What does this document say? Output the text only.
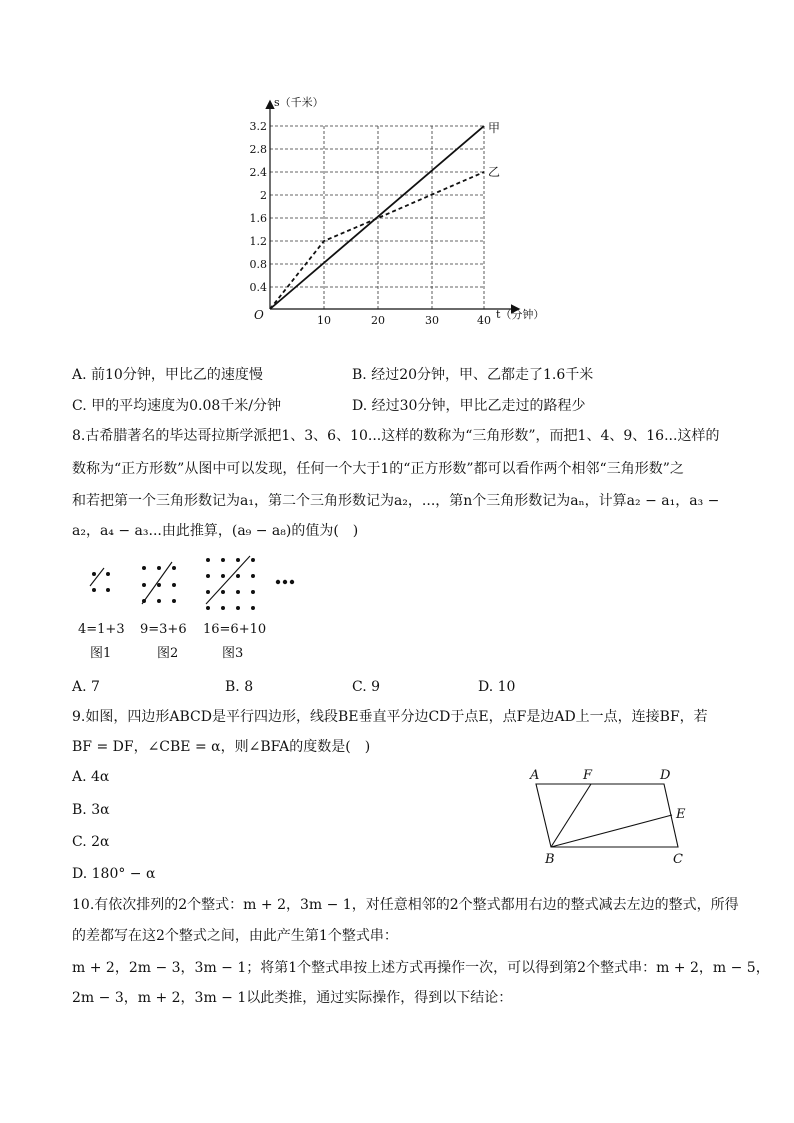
s（千米）
t（分钟）
O
0.4
0.8
1.2
1.6
2
2.4
2.8
3.2
10	20	30	40
甲
乙
A. 前10分钟，甲比乙的速度慢	B. 经过20分钟，甲、乙都走了1.6千米
C. 甲的平均速度为0.08千米/分钟	D. 经过30分钟，甲比乙走过的路程少
8.古希腊著名的毕达哥拉斯学派把1、3、6、10...这样的数称为“三角形数”，而把1、4、9、16...这样的
数称为“正方形数”从图中可以发现，任何一个大于1的“正方形数”都可以看作两个相邻“三角形数”之
和若把第一个三角形数记为a₁，第二个三角形数记为a₂，...，第n个三角形数记为aₙ，计算a₂ − a₁，a₃ −
a₂，a₄ − a₃...由此推算，(a₉ − a₈)的值为(　)
4=1+3 9=3+6 16=6+10
图1	图2	图3
A. 7	B. 8	C. 9	D. 10
9.如图，四边形ABCD是平行四边形，线段BE垂直平分边CD于点E，点F是边AD上一点，连接BF，若
BF = DF，∠CBE = α，则∠BFA的度数是(　)
A. 4α
B. 3α
C. 2α
D. 180° − α
A	F	D
E
B	C
10.有依次排列的2个整式：m + 2，3m − 1，对任意相邻的2个整式都用右边的整式减去左边的整式，所得
的差都写在这2个整式之间，由此产生第1个整式串：
m + 2，2m − 3，3m − 1；将第1个整式串按上述方式再操作一次，可以得到第2个整式串：m + 2，m − 5，
2m − 3，m + 2，3m − 1以此类推，通过实际操作，得到以下结论：
